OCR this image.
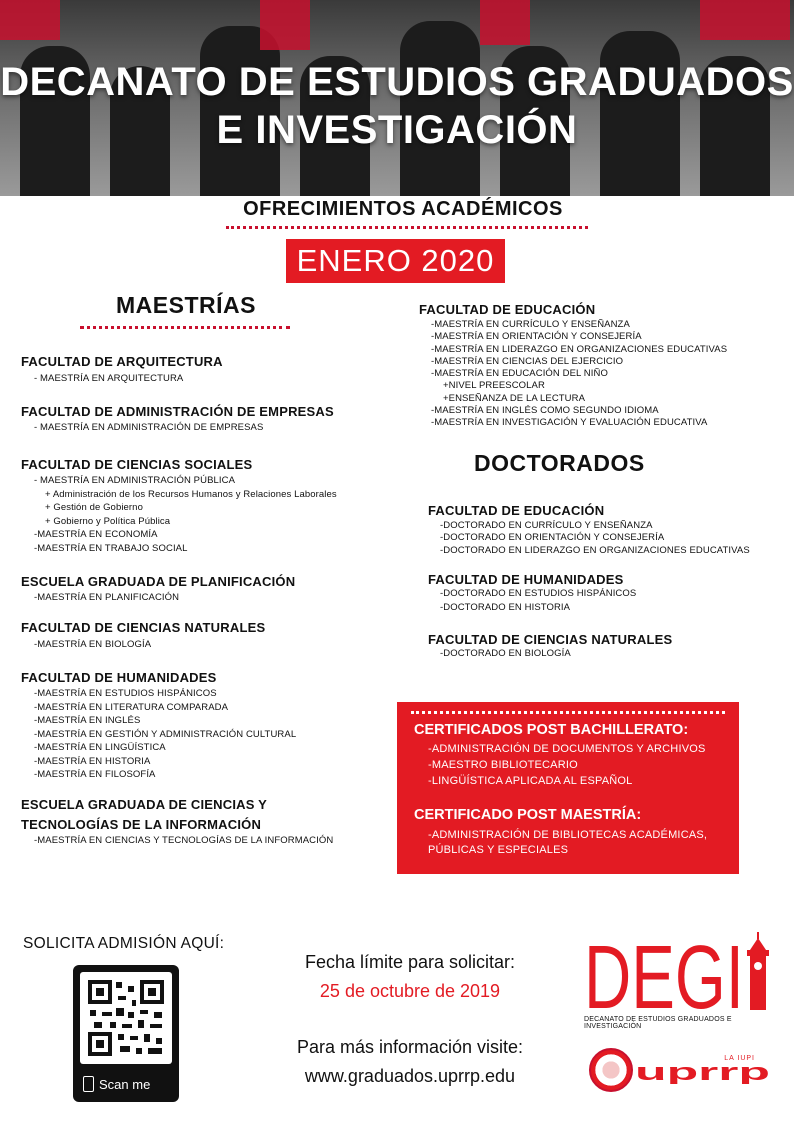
DECANATO DE ESTUDIOS GRADUADOS
E INVESTIGACIÓN
OFRECIMIENTOS ACADÉMICOS
ENERO 2020
MAESTRÍAS
FACULTAD DE ARQUITECTURA
- MAESTRÍA EN ARQUITECTURA
FACULTAD DE ADMINISTRACIÓN DE EMPRESAS
- MAESTRÍA EN ADMINISTRACIÓN DE EMPRESAS
FACULTAD DE CIENCIAS SOCIALES
- MAESTRÍA EN ADMINISTRACIÓN PÚBLICA
+ Administración de los Recursos Humanos y Relaciones Laborales
+ Gestión de Gobierno
+ Gobierno y Política Pública
-MAESTRÍA EN ECONOMÍA
-MAESTRÍA EN TRABAJO SOCIAL
ESCUELA GRADUADA DE PLANIFICACIÓN
-MAESTRÍA EN PLANIFICACIÓN
FACULTAD DE CIENCIAS NATURALES
-MAESTRÍA EN BIOLOGÍA
FACULTAD DE HUMANIDADES
-MAESTRÍA EN ESTUDIOS HISPÁNICOS
-MAESTRÍA EN LITERATURA COMPARADA
-MAESTRÍA EN INGLÉS
-MAESTRÍA EN GESTIÓN Y ADMINISTRACIÓN CULTURAL
-MAESTRÍA EN LINGÜÍSTICA
-MAESTRÍA EN HISTORIA
-MAESTRÍA EN FILOSOFÍA
ESCUELA GRADUADA DE CIENCIAS Y
TECNOLOGÍAS DE LA INFORMACIÓN
-MAESTRÍA EN CIENCIAS Y TECNOLOGÍAS DE LA INFORMACIÓN
FACULTAD DE EDUCACIÓN
-MAESTRÍA EN CURRÍCULO Y ENSEÑANZA
-MAESTRÍA EN ORIENTACIÓN Y CONSEJERÍA
-MAESTRÍA EN LIDERAZGO EN ORGANIZACIONES EDUCATIVAS
-MAESTRÍA EN CIENCIAS DEL EJERCICIO
-MAESTRÍA EN EDUCACIÓN DEL NIÑO
+NIVEL PREESCOLAR
+ENSEÑANZA DE LA LECTURA
-MAESTRÍA EN INGLÉS COMO SEGUNDO IDIOMA
-MAESTRÍA EN INVESTIGACIÓN Y EVALUACIÓN EDUCATIVA
DOCTORADOS
FACULTAD DE EDUCACIÓN
-DOCTORADO EN CURRÍCULO Y ENSEÑANZA
-DOCTORADO EN ORIENTACIÓN Y CONSEJERÍA
-DOCTORADO EN LIDERAZGO EN ORGANIZACIONES EDUCATIVAS
FACULTAD DE HUMANIDADES
-DOCTORADO EN ESTUDIOS HISPÁNICOS
-DOCTORADO EN HISTORIA
FACULTAD DE CIENCIAS NATURALES
-DOCTORADO EN BIOLOGÍA
CERTIFICADOS POST BACHILLERATO:
-ADMINISTRACIÓN DE DOCUMENTOS Y ARCHIVOS
-MAESTRO BIBLIOTECARIO
-LINGÜÍSTICA APLICADA AL ESPAÑOL
CERTIFICADO POST MAESTRÍA:
-ADMINISTRACIÓN DE BIBLIOTECAS ACADÉMICAS,
PÚBLICAS Y ESPECIALES
SOLICITA ADMISIÓN AQUÍ:
Scan me
Fecha límite para solicitar:
25 de octubre de 2019
Para más información visite:
www.graduados.uprrp.edu
DEGI
DECANATO DE ESTUDIOS GRADUADOS E INVESTIGACIÓN
LA IUPI
uprrp
